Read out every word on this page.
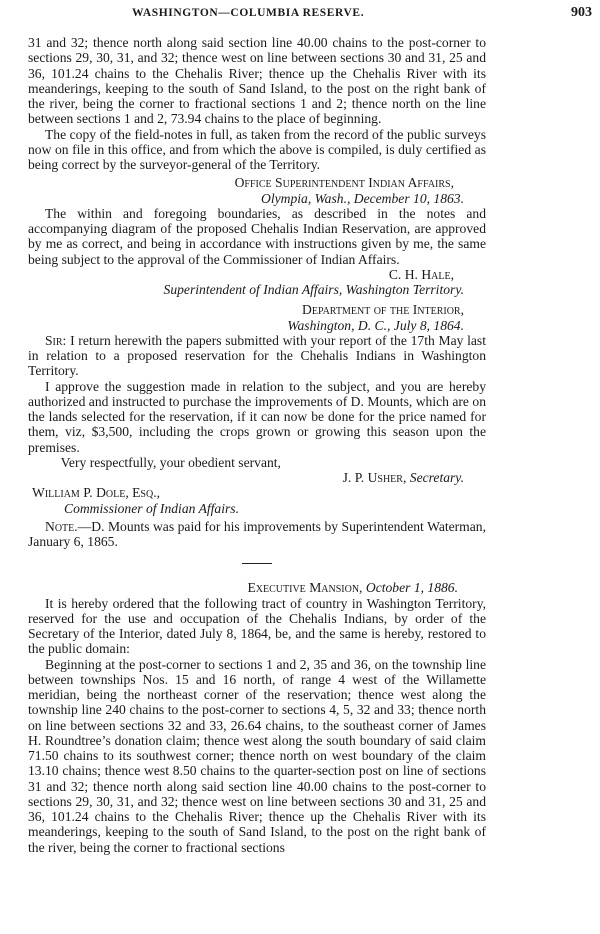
WASHINGTON—COLUMBIA RESERVE.	903

31 and 32; thence north along said section line 40.00 chains to the post-corner to sections 29, 30, 31, and 32; thence west on line between sections 30 and 31, 25 and 36, 101.24 chains to the Chehalis River; thence up the Chehalis River with its meanderings, keeping to the south of Sand Island, to the post on the right bank of the river, being the corner to fractional sections 1 and 2; thence north on the line between sections 1 and 2, 73.94 chains to the place of beginning.

The copy of the field-notes in full, as taken from the record of the public surveys now on file in this office, and from which the above is compiled, is duly certified as being correct by the surveyor-general of the Territory.

Office Superintendent Indian Affairs,

Olympia, Wash., December 10, 1863.

The within and foregoing boundaries, as described in the notes and accompanying diagram of the proposed Chehalis Indian Reservation, are approved by me as correct, and being in accordance with instructions given by me, the same being subject to the approval of the Commissioner of Indian Affairs.

C. H. Hale,

Superintendent of Indian Affairs, Washington Territory.

Department of the Interior,

Washington, D. C., July 8, 1864.

Sir: I return herewith the papers submitted with your report of the 17th May last in relation to a proposed reservation for the Chehalis Indians in Washington Territory.

I approve the suggestion made in relation to the subject, and you are hereby authorized and instructed to purchase the improvements of D. Mounts, which are on the lands selected for the reservation, if it can now be done for the price named for them, viz, $3,500, including the crops grown or growing this season upon the premises.

Very respectfully, your obedient servant,

J. P. Usher, Secretary.

William P. Dole, Esq.,

Commissioner of Indian Affairs.

Note.—D. Mounts was paid for his improvements by Superintendent Waterman, January 6, 1865.

Executive Mansion, October 1, 1886.

It is hereby ordered that the following tract of country in Washington Territory, reserved for the use and occupation of the Chehalis Indians, by order of the Secretary of the Interior, dated July 8, 1864, be, and the same is hereby, restored to the public domain:

Beginning at the post-corner to sections 1 and 2, 35 and 36, on the township line between townships Nos. 15 and 16 north, of range 4 west of the Willamette meridian, being the northeast corner of the reservation; thence west along the township line 240 chains to the post-corner to sections 4, 5, 32 and 33; thence north on line between sections 32 and 33, 26.64 chains, to the southeast corner of James H. Roundtree’s donation claim; thence west along the south boundary of said claim 71.50 chains to its southwest corner; thence north on west boundary of the claim 13.10 chains; thence west 8.50 chains to the quarter-section post on line of sections 31 and 32; thence north along said section line 40.00 chains to the post-corner to sections 29, 30, 31, and 32; thence west on line between sections 30 and 31, 25 and 36, 101.24 chains to the Chehalis River; thence up the Chehalis River with its meanderings, keeping to the south of Sand Island, to the post on the right bank of the river, being the corner to fractional sections
